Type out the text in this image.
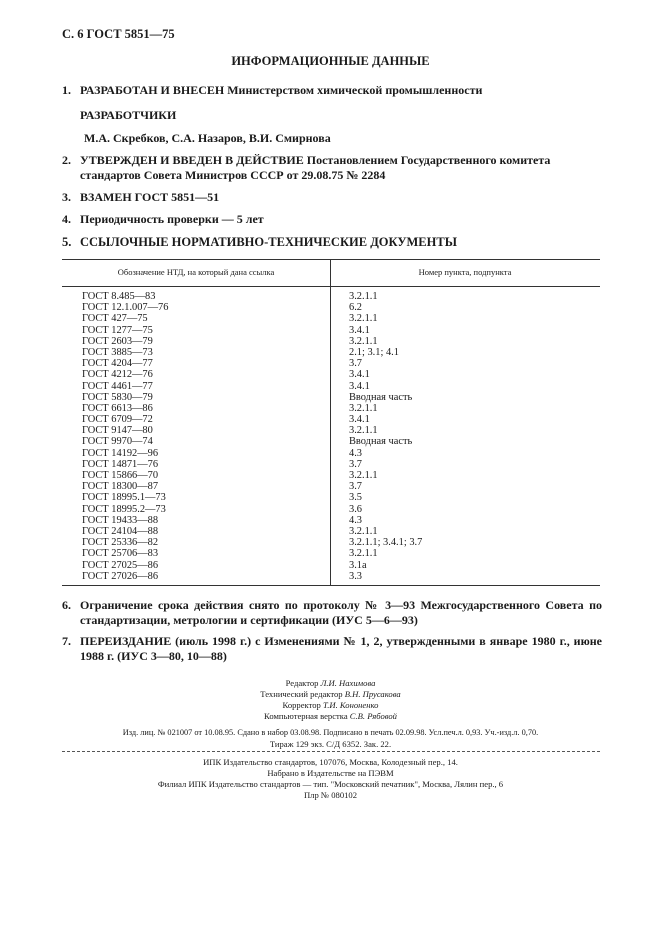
С. 6 ГОСТ 5851—75
ИНФОРМАЦИОННЫЕ ДАННЫЕ
1. РАЗРАБОТАН И ВНЕСЕН Министерством химической промышленности
РАЗРАБОТЧИКИ
М.А. Скребков, С.А. Назаров, В.И. Смирнова
2. УТВЕРЖДЕН И ВВЕДЕН В ДЕЙСТВИЕ Постановлением Государственного комитета стандартов Совета Министров СССР от 29.08.75 № 2284
3. ВЗАМЕН ГОСТ 5851—51
4. Периодичность проверки — 5 лет
5. ССЫЛОЧНЫЕ НОРМАТИВНО-ТЕХНИЧЕСКИЕ ДОКУМЕНТЫ
Обозначение НТД, на который дана ссылка	Номер пункта, подпункта
ГОСТ 8.485—83	3.2.1.1
ГОСТ 12.1.007—76	6.2
ГОСТ 427—75	3.2.1.1
ГОСТ 1277—75	3.4.1
ГОСТ 2603—79	3.2.1.1
ГОСТ 3885—73	2.1; 3.1; 4.1
ГОСТ 4204—77	3.7
ГОСТ 4212—76	3.4.1
ГОСТ 4461—77	3.4.1
ГОСТ 5830—79	Вводная часть
ГОСТ 6613—86	3.2.1.1
ГОСТ 6709—72	3.4.1
ГОСТ 9147—80	3.2.1.1
ГОСТ 9970—74	Вводная часть
ГОСТ 14192—96	4.3
ГОСТ 14871—76	3.7
ГОСТ 15866—70	3.2.1.1
ГОСТ 18300—87	3.7
ГОСТ 18995.1—73	3.5
ГОСТ 18995.2—73	3.6
ГОСТ 19433—88	4.3
ГОСТ 24104—88	3.2.1.1
ГОСТ 25336—82	3.2.1.1; 3.4.1; 3.7
ГОСТ 25706—83	3.2.1.1
ГОСТ 27025—86	3.1а
ГОСТ 27026—86	3.3
6. Ограничение срока действия снято по протоколу № 3—93 Межгосударственного Совета по стандартизации, метрологии и сертификации (ИУС 5—6—93)
7. ПЕРЕИЗДАНИЕ (июль 1998 г.) с Изменениями № 1, 2, утвержденными в январе 1980 г., июне 1988 г. (ИУС 3—80, 10—88)
Редактор Л.И. Нахимова
Технический редактор В.Н. Прусакова
Корректор Т.И. Кононенко
Компьютерная верстка С.В. Рябовой
Изд. лиц. № 021007 от 10.08.95. Сдано в набор 03.08.98. Подписано в печать 02.09.98. Усл.печ.л. 0,93. Уч.-изд.л. 0,70.
Тираж 129 экз. С/Д 6352. Зак. 22.
ИПК Издательство стандартов, 107076, Москва, Колодезный пер., 14.
Набрано в Издательстве на ПЭВМ
Филиал ИПК Издательство стандартов — тип. "Московский печатник", Москва, Лялин пер., 6
Плр № 080102
